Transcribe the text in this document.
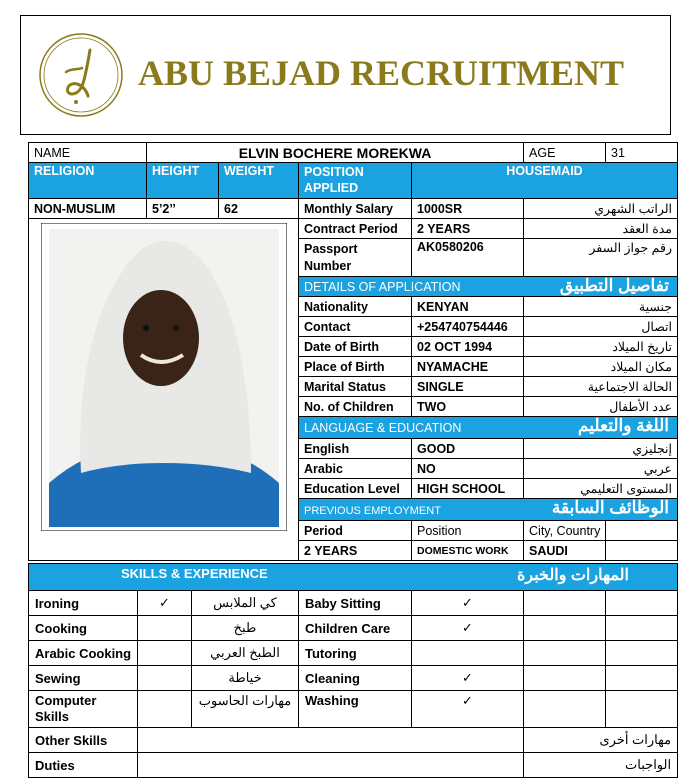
ABU BEJAD RECRUITMENT
NAME	ELVIN BOCHERE MOREKWA				AGE	31
RELIGION	HEIGHT	WEIGHT	POSITION APPLIED	HOUSEMAID		
NON-MUSLIM	5’2’’	62	Monthly Salary	1000SR	الراتب الشهري	

	Contract Period	2 YEARS	مدة العقد	
			Passport Number	AK0580206	رقم جواز السفر	
			DETAILS OF APPLICATION تفاصيل التطبيق			

			Nationality	KENYAN	جنسية	
			Contact	+254740754446	اتصال	
			Date of Birth	02 OCT 1994	تاريخ الميلاد	
			Place of Birth	NYAMACHE	مكان الميلاد	
			Marital Status	SINGLE	الحالة الاجتماعية	
			No. of Children	TWO	عدد الأطفال	
			LANGUAGE & EDUCATION اللغة والتعليم			

			English	GOOD	إنجليزي	
			Arabic	NO	عربي	
			Education Level	HIGH SCHOOL	المستوى التعليمي	
			PREVIOUS EMPLOYMENT الوظائف السابقة			

			Period	Position	City, Country	
			2 YEARS	DOMESTIC WORK	SAUDI	
SKILLS & EXPERIENCE المهارات والخبرة						

Ironing	✓	كي الملابس	Baby Sitting	✓		
Cooking		طبخ	Children Care	✓		
Arabic Cooking		الطبخ العربي	Tutoring			
Sewing		خياطة	Cleaning	✓		
Computer Skills		مهارات الحاسوب	Washing	✓		
Other Skills					مهارات أخرى	
Duties					الواجبات	
